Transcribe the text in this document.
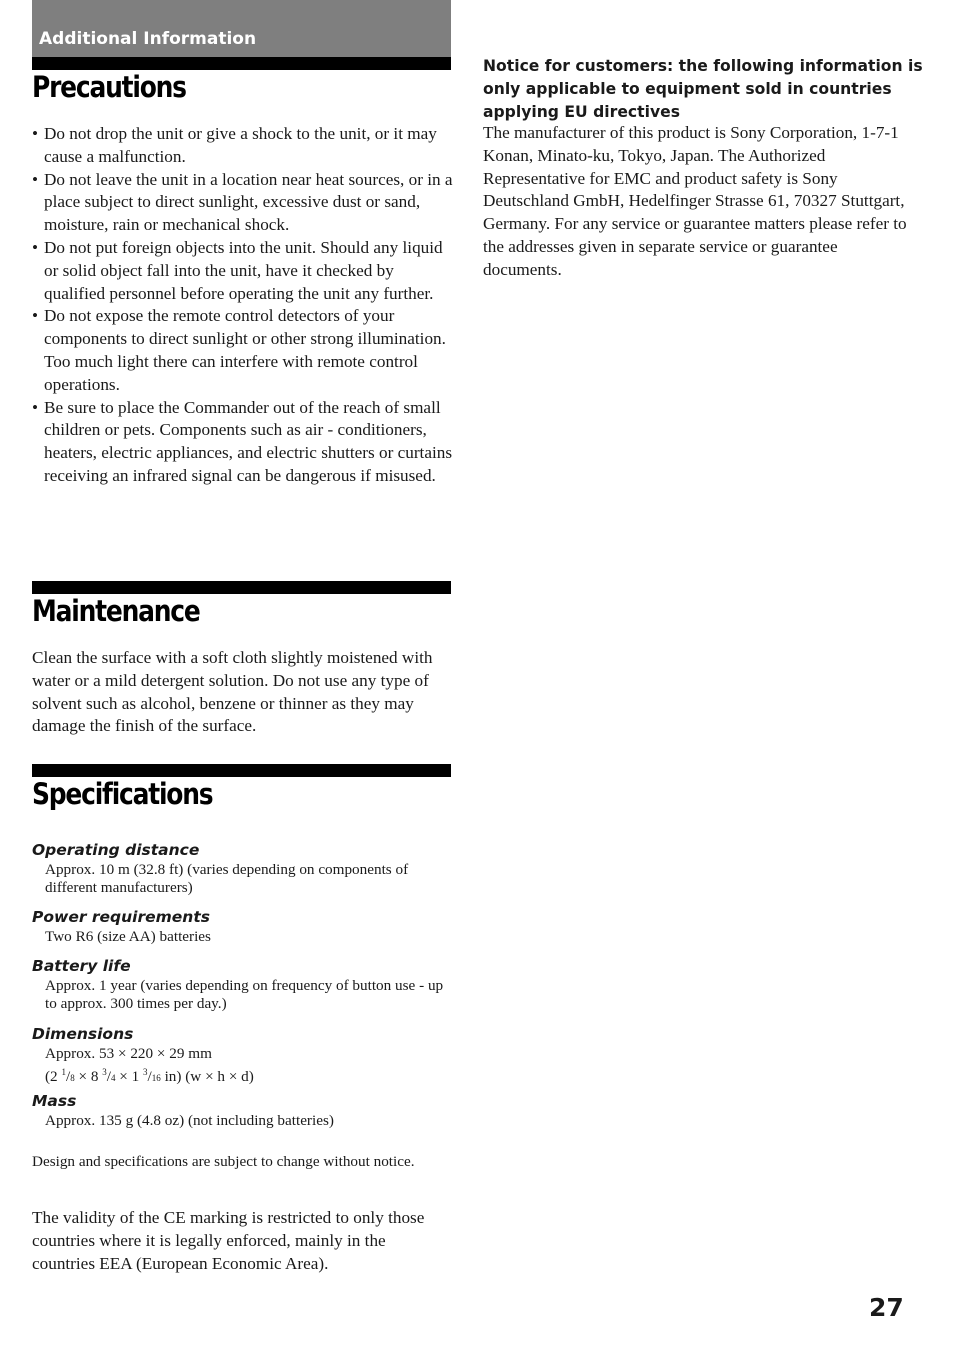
Additional Information
Precautions
• Do not drop the unit or give a shock to the unit, or it may cause a malfunction.
• Do not leave the unit in a location near heat sources, or in a place subject to direct sunlight, excessive dust or sand, moisture, rain or mechanical shock.
• Do not put foreign objects into the unit. Should any liquid or solid object fall into the unit, have it checked by qualified personnel before operating the unit any further.
• Do not expose the remote control detectors of your components to direct sunlight or other strong illumination. Too much light there can interfere with remote control operations.
• Be sure to place the Commander out of the reach of small children or pets. Components such as air - conditioners, heaters, electric appliances, and electric shutters or curtains receiving an infrared signal can be dangerous if misused.
Maintenance

Clean the surface with a soft cloth slightly moistened with water or a mild detergent solution. Do not use any type of solvent such as alcohol, benzene or thinner as they may damage the finish of the surface.

Specifications
Operating distance

Approx. 10 m (32.8 ft) (varies depending on components of different manufacturers)

Power requirements

Two R6 (size AA) batteries

Battery life

Approx. 1 year (varies depending on frequency of button use - up to approx. 300 times per day.)

Dimensions
Approx. 53 × 220 × 29 mm
(2 $^1$/8 × 8 $^3$/4 × 1 $^3$/16 in) (w × h × d)
Mass

Approx. 135 g (4.8 oz) (not including batteries)

Design and specifications are subject to change without notice.

The validity of the CE marking is restricted to only those countries where it is legally enforced, mainly in the countries EEA (European Economic Area).

Notice for customers: the following information is only applicable to equipment sold in countries applying EU directives

The manufacturer of this product is Sony Corporation, 1-7-1 Konan, Minato-ku, Tokyo, Japan. The Authorized Representative for EMC and product safety is Sony Deutschland GmbH, Hedelfinger Strasse 61, 70327 Stuttgart, Germany. For any service or guarantee matters please refer to the addresses given in separate service or guarantee documents.

27
